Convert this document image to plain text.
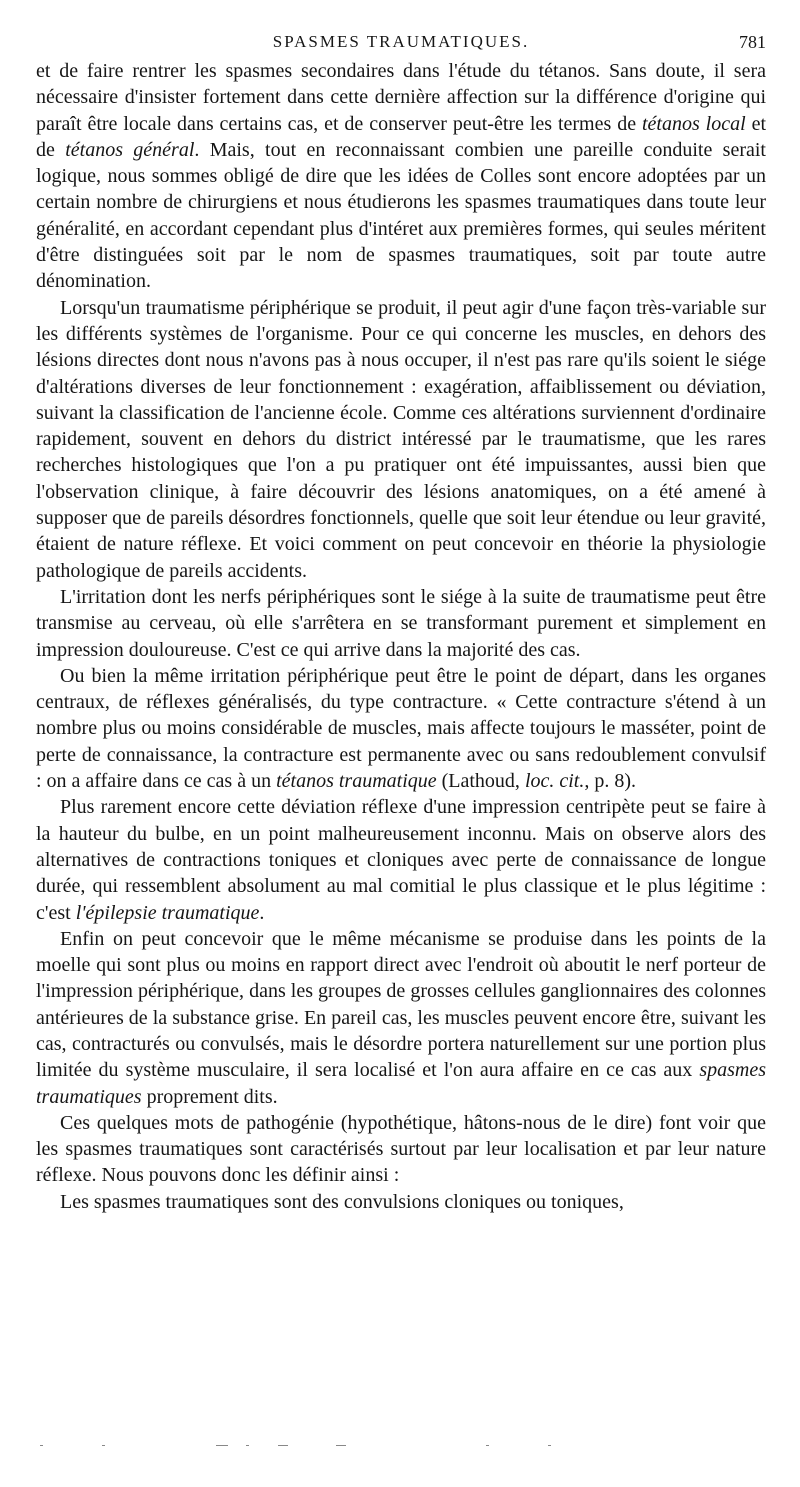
SPASMES TRAUMATIQUES.	781

et de faire rentrer les spasmes secondaires dans l'étude du tétanos. Sans doute, il sera nécessaire d'insister fortement dans cette dernière affection sur la différence d'origine qui paraît être locale dans certains cas, et de conserver peut-être les termes de tétanos local et de tétanos général. Mais, tout en reconnaissant combien une pareille conduite serait logique, nous sommes obligé de dire que les idées de Colles sont encore adoptées par un certain nombre de chirurgiens et nous étudierons les spasmes traumatiques dans toute leur généralité, en accordant cependant plus d'intéret aux premières formes, qui seules méritent d'être distinguées soit par le nom de spasmes traumatiques, soit par toute autre dénomination.

Lorsqu'un traumatisme périphérique se produit, il peut agir d'une façon très-variable sur les différents systèmes de l'organisme. Pour ce qui concerne les muscles, en dehors des lésions directes dont nous n'avons pas à nous occuper, il n'est pas rare qu'ils soient le siége d'altérations diverses de leur fonctionnement : exagération, affaiblissement ou déviation, suivant la classification de l'ancienne école. Comme ces altérations surviennent d'ordinaire rapidement, souvent en dehors du district intéressé par le traumatisme, que les rares recherches histologiques que l'on a pu pratiquer ont été impuissantes, aussi bien que l'observation clinique, à faire découvrir des lésions anatomiques, on a été amené à supposer que de pareils désordres fonctionnels, quelle que soit leur étendue ou leur gravité, étaient de nature réflexe. Et voici comment on peut concevoir en théorie la physiologie pathologique de pareils accidents.

L'irritation dont les nerfs périphériques sont le siége à la suite de traumatisme peut être transmise au cerveau, où elle s'arrêtera en se transformant purement et simplement en impression douloureuse. C'est ce qui arrive dans la majorité des cas.

Ou bien la même irritation périphérique peut être le point de départ, dans les organes centraux, de réflexes généralisés, du type contracture. « Cette contracture s'étend à un nombre plus ou moins considérable de muscles, mais affecte toujours le masséter, point de perte de connaissance, la contracture est permanente avec ou sans redoublement convulsif : on a affaire dans ce cas à un tétanos traumatique (Lathoud, loc. cit., p. 8).

Plus rarement encore cette déviation réflexe d'une impression centripète peut se faire à la hauteur du bulbe, en un point malheureusement inconnu. Mais on observe alors des alternatives de contractions toniques et cloniques avec perte de connaissance de longue durée, qui ressemblent absolument au mal comitial le plus classique et le plus légitime : c'est l'épilepsie traumatique.

Enfin on peut concevoir que le même mécanisme se produise dans les points de la moelle qui sont plus ou moins en rapport direct avec l'endroit où aboutit le nerf porteur de l'impression périphérique, dans les groupes de grosses cellules ganglionnaires des colonnes antérieures de la substance grise. En pareil cas, les muscles peuvent encore être, suivant les cas, contracturés ou convulsés, mais le désordre portera naturellement sur une portion plus limitée du système musculaire, il sera localisé et l'on aura affaire en ce cas aux spasmes traumatiques proprement dits.

Ces quelques mots de pathogénie (hypothétique, hâtons-nous de le dire) font voir que les spasmes traumatiques sont caractérisés surtout par leur localisation et par leur nature réflexe. Nous pouvons donc les définir ainsi :

Les spasmes traumatiques sont des convulsions cloniques ou toniques,
